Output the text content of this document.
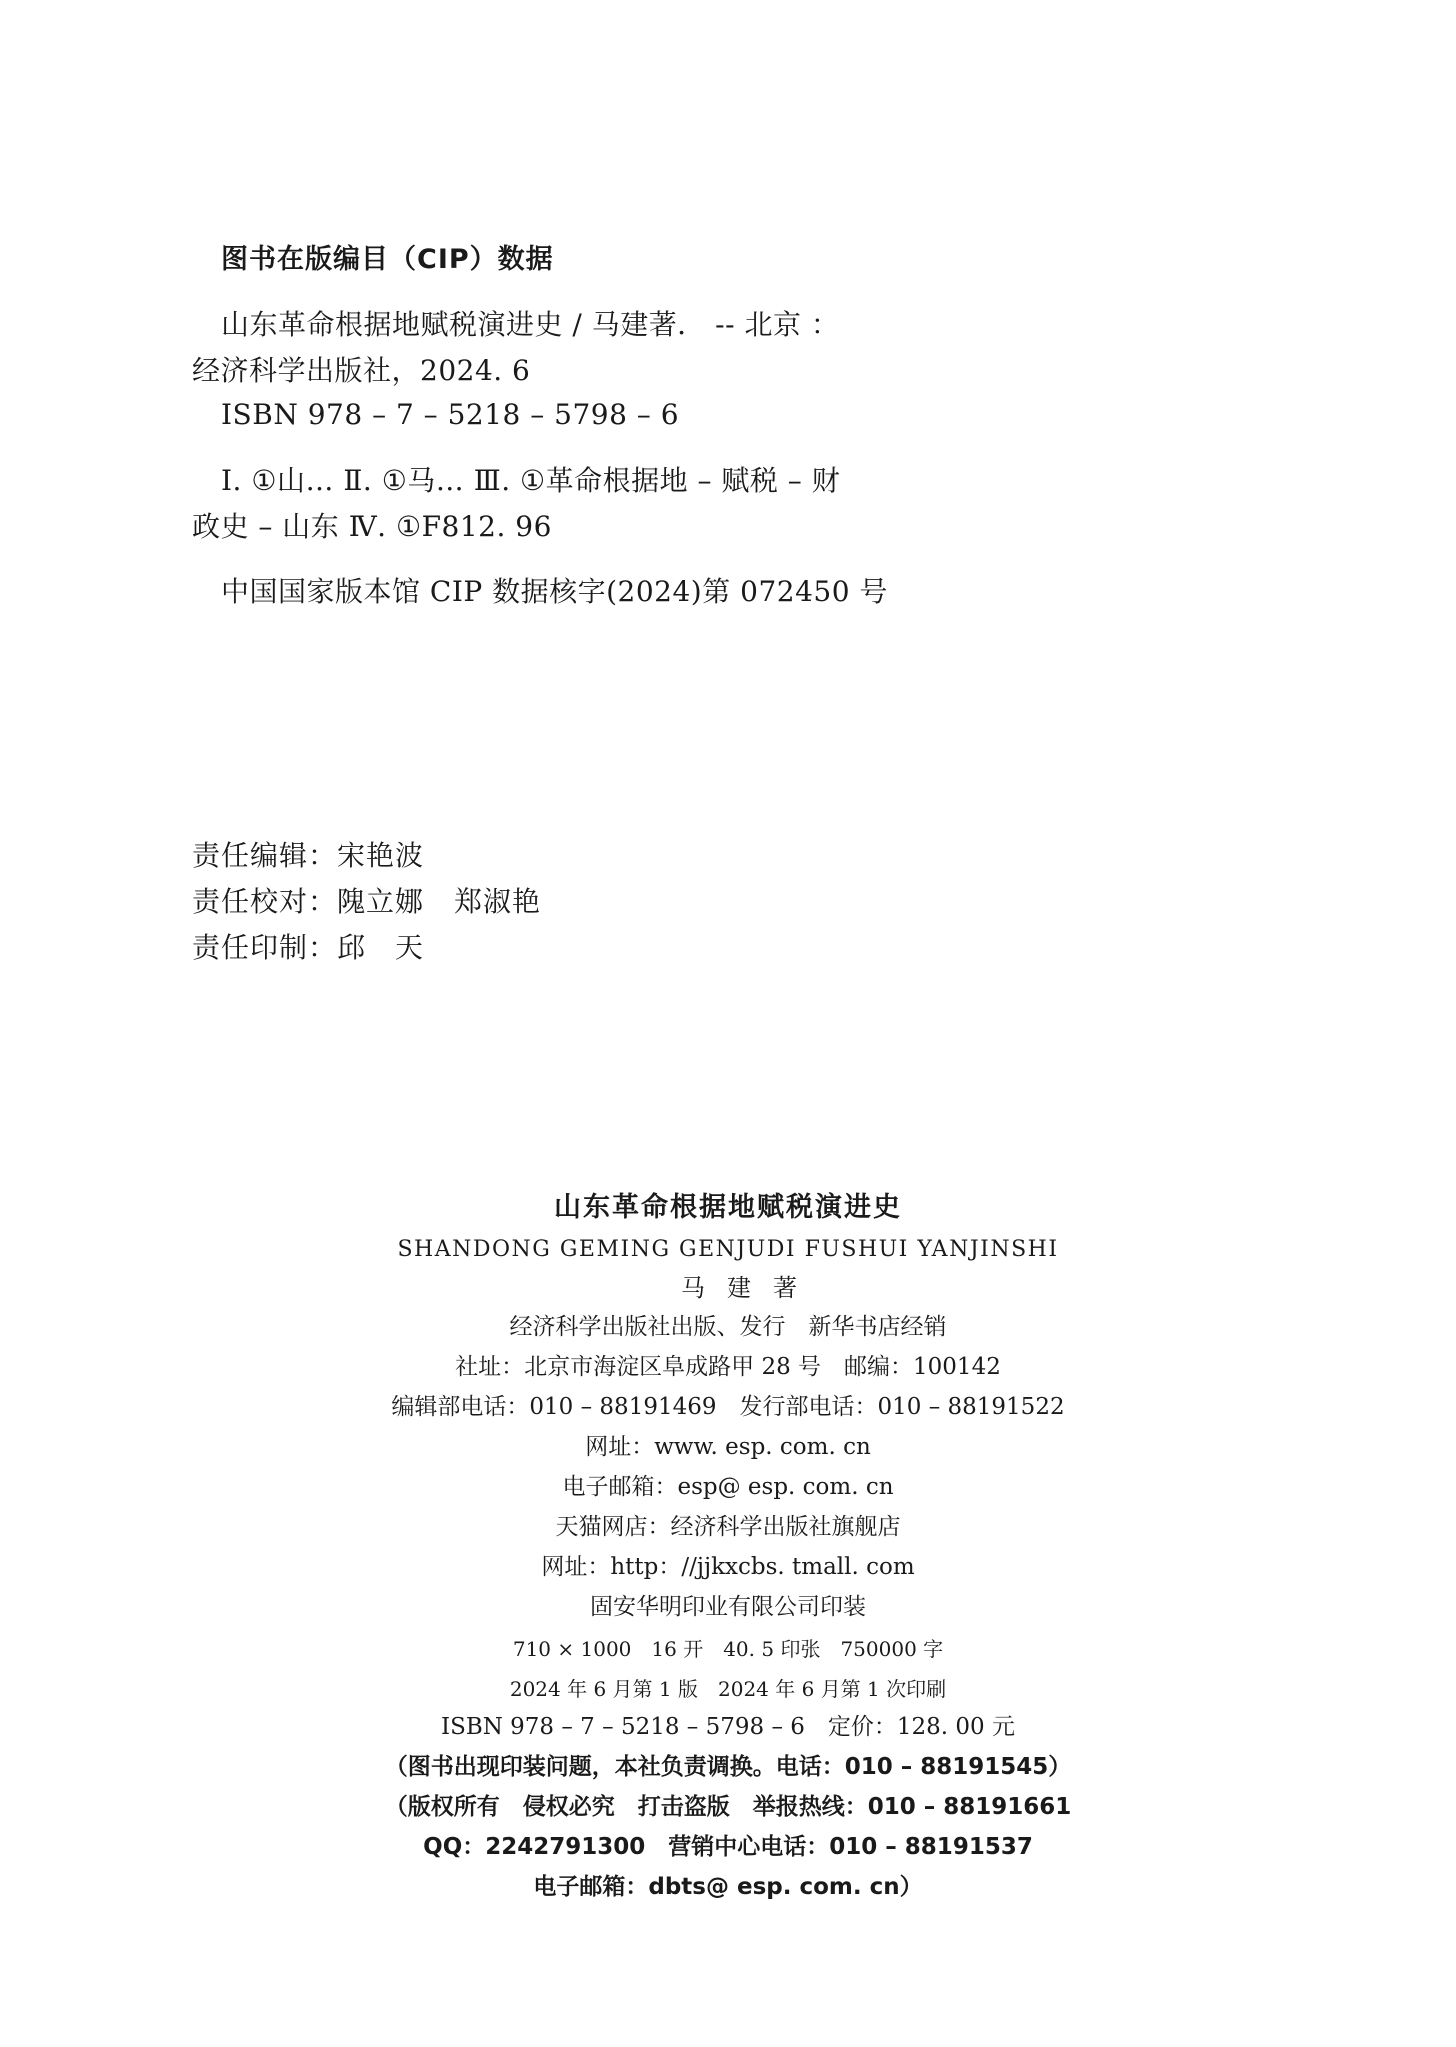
图书在版编目（CIP）数据
山东革命根据地赋税演进史 / 马建著． -- 北京 ：
经济科学出版社，2024. 6
ISBN 978 – 7 – 5218 – 5798 – 6
Ⅰ. ①山… Ⅱ. ①马… Ⅲ. ①革命根据地 – 赋税 – 财
政史 – 山东 Ⅳ. ①F812. 96
中国国家版本馆 CIP 数据核字(2024)第 072450 号
责任编辑：宋艳波
责任校对：隗立娜 郑淑艳
责任印制：邱　天
山东革命根据地赋税演进史
SHANDONG GEMING GENJUDI FUSHUI YANJINSHI
马建著
经济科学出版社出版、发行　新华书店经销
社址：北京市海淀区阜成路甲 28 号　邮编：100142
编辑部电话：010 – 88191469　发行部电话：010 – 88191522
网址：www. esp. com. cn
电子邮箱：esp@ esp. com. cn
天猫网店：经济科学出版社旗舰店
网址：http：//jjkxcbs. tmall. com
固安华明印业有限公司印装
710 × 1000　16 开　40. 5 印张　750000 字
2024 年 6 月第 1 版　2024 年 6 月第 1 次印刷
ISBN 978 – 7 – 5218 – 5798 – 6　定价：128. 00 元
（图书出现印装问题，本社负责调换。电话：010 – 88191545）
（版权所有　侵权必究　打击盗版　举报热线：010 – 88191661
QQ：2242791300　营销中心电话：010 – 88191537
电子邮箱：dbts@ esp. com. cn）
